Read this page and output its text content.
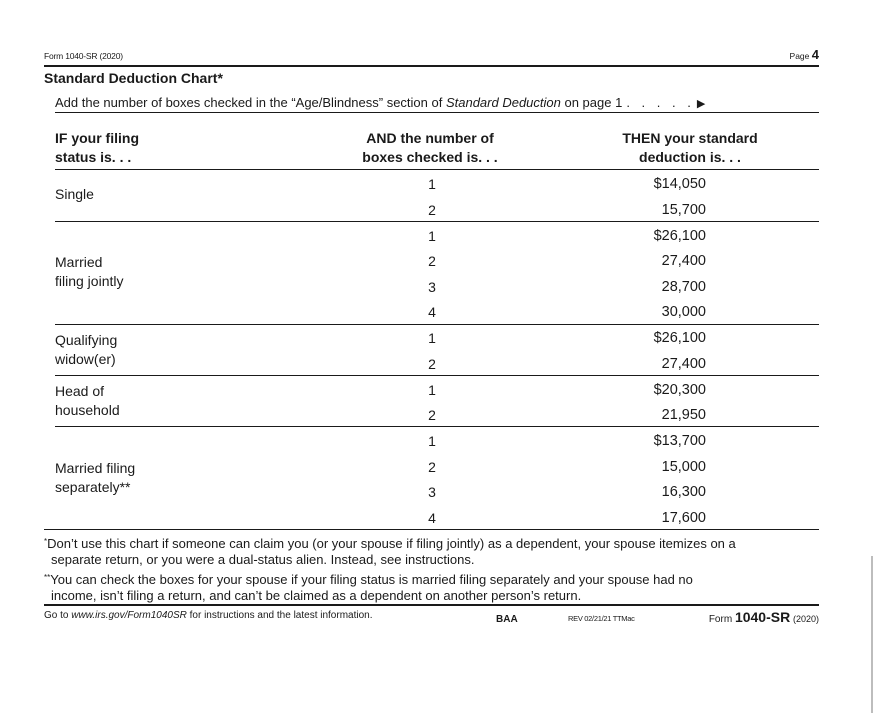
Form 1040-SR (2020)	Page 4
Standard Deduction Chart*
Add the number of boxes checked in the “Age/Blindness” section of Standard Deduction on page 1 . . . . . ▶
IF your filing
status is. . .
AND the number of
boxes checked is. . .
THEN your standard
deduction is. . .
Single
1	$14,050
2	15,700
Married
filing jointly
1	$26,100
2	27,400
3	28,700
4	30,000
Qualifying
widow(er)
1	$26,100
2	27,400
Head of
household
1	$20,300
2	21,950
Married filing
separately**
1	$13,700
2	15,000
3	16,300
4	17,600
*Don’t use this chart if someone can claim you (or your spouse if filing jointly) as a dependent, your spouse itemizes on a
separate return, or you were a dual-status alien. Instead, see instructions.
**You can check the boxes for your spouse if your filing status is married filing separately and your spouse had no
income, isn’t filing a return, and can’t be claimed as a dependent on another person’s return.
Go to www.irs.gov/Form1040SR for instructions and the latest information.	BAA	REV 02/21/21 TTMac	Form 1040-SR (2020)
